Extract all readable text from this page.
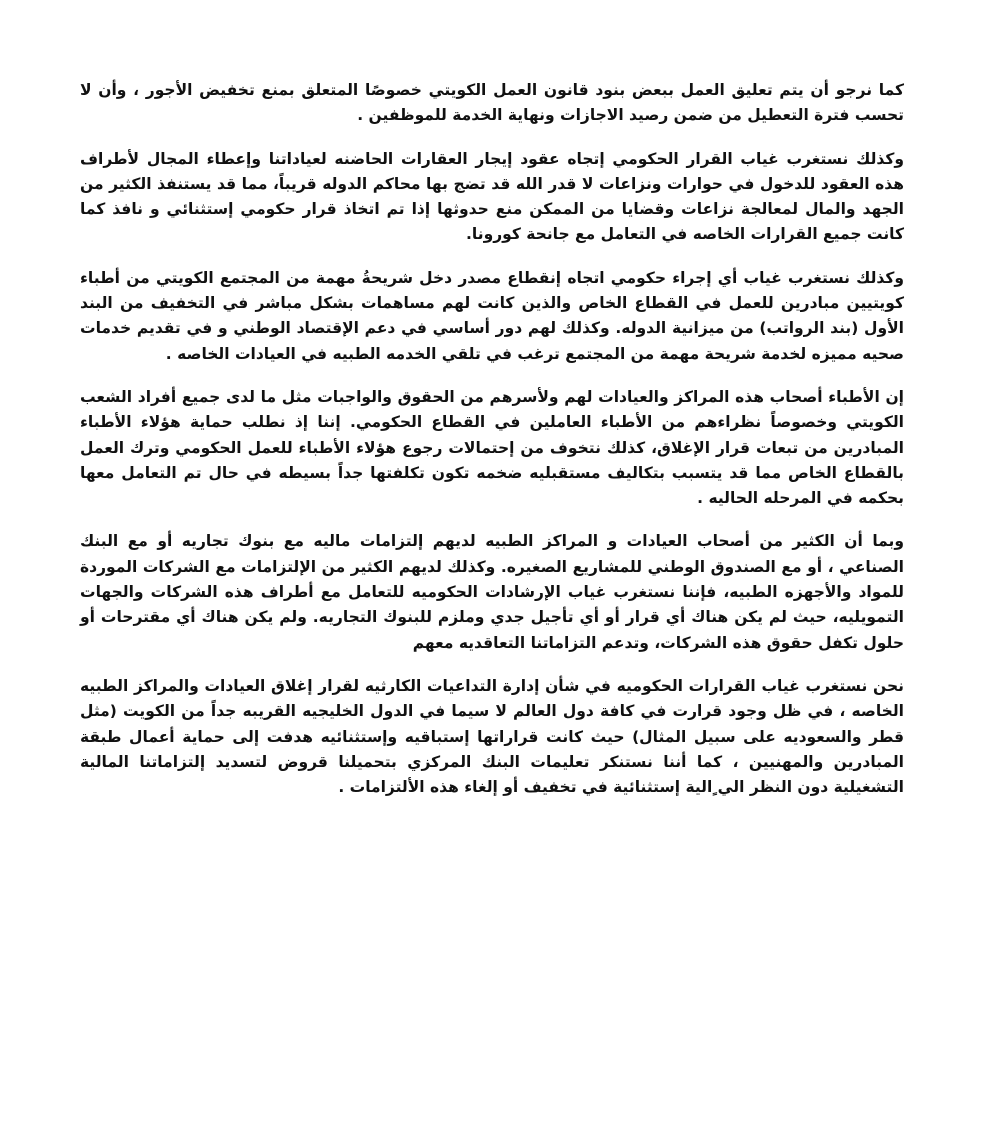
كما نرجو أن يتم تعليق العمل ببعض بنود قانون العمل الكويتي خصوصًا المتعلق بمنع تخفيض الأجور ، وأن لا تحسب فترة التعطيل من ضمن رصيد الاجازات ونهاية الخدمة للموظفين .

وكذلك نستغرب غياب القرار الحكومي إتجاه عقود إيجار العقارات الحاضنه لعياداتنا وإعطاء المجال لأطراف هذه العقود للدخول في حوارات ونزاعات لا قدر الله قد تضج بها محاكم الدوله قريباً، مما قد يستنفذ الكثير من الجهد والمال لمعالجة نزاعات وقضايا من الممكن منع حدوثها إذا تم اتخاذ قرار حكومي إستثنائي و نافذ كما كانت جميع القرارات الخاصه في التعامل مع جانحة كورونا.

وكذلك نستغرب غياب أي إجراء حكومي اتجاه إنقطاع مصدر دخل شريحةُ مهمة من المجتمع الكويتي من أطباء كويتيين مبادرين للعمل في القطاع الخاص والذين كانت لهم مساهمات بشكل مباشر في التخفيف من البند الأول (بند الرواتب) من ميزانية الدوله. وكذلك لهم دور أساسي في دعم الإقتصاد الوطني و في تقديم خدمات صحيه مميزه لخدمة شريحة مهمة من المجتمع ترغب في تلقي الخدمه الطبيه في العيادات الخاصه .

إن الأطباء أصحاب هذه المراكز والعيادات لهم ولأسرهم من الحقوق والواجبات مثل ما لدى جميع أفراد الشعب الكويتي وخصوصاً نظراءهم من الأطباء العاملين في القطاع الحكومي. إننا إذ نطلب حماية هؤلاء الأطباء المبادرين من تبعات قرار الإغلاق، كذلك نتخوف من إحتمالات رجوع هؤلاء الأطباء للعمل الحكومي وترك العمل بالقطاع الخاص مما قد يتسبب بتكاليف مستقبليه ضخمه تكون تكلفتها جداً بسيطه في حال تم التعامل معها بحكمه في المرحله الحاليه .

وبما أن الكثير من أصحاب العيادات و المراكز الطبيه لديهم إلتزامات ماليه مع بنوك تجاريه أو مع البنك الصناعي ، أو مع الصندوق الوطني للمشاريع الصغيره. وكذلك لديهم الكثير من الإلتزامات مع الشركات الموردة للمواد والأجهزه الطبيه، فإننا نستغرب غياب الإرشادات الحكوميه للتعامل مع أطراف هذه الشركات والجهات التمويليه، حيث لم يكن هناك أي قرار أو أي تأجيل جدي وملزم للبنوك التجاريه. ولم يكن هناك أي مقترحات أو حلول تكفل حقوق هذه الشركات، وتدعم التزاماتنا التعاقديه معهم

نحن نستغرب غياب القرارات الحكوميه في شأن إدارة التداعيات الكارثيه لقرار إغلاق العيادات والمراكز الطبيه الخاصه ، في ظل وجود قرارت في كافة دول العالم لا سيما في الدول الخليجيه القريبه جداً من الكويت (مثل قطر والسعوديه على سبيل المثال) حيث كانت قراراتها إستباقيه وإستثنائيه هدفت إلى حماية أعمال طبقة المبادرين والمهنيين ، كما أننا نستنكر تعليمات البنك المركزي بتحميلنا قروض لتسديد إلتزاماتنا المالية التشغيلية دون النظر الي ٍالية إستثنائية في تخفيف أو إلغاء هذه الألتزامات .
